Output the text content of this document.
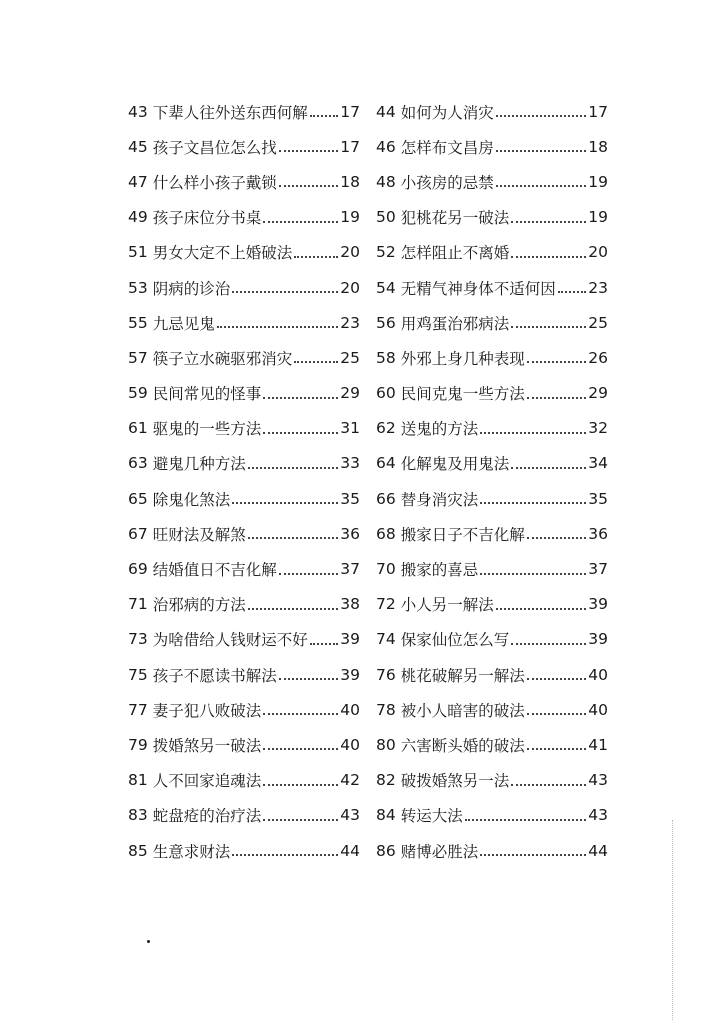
43 下辈人往外送东西何解 17 44 如何为人消灾	17
45 孩子文昌位怎么找	17 46 怎样布文昌房	18
47 什么样小孩子戴锁	18 48 小孩房的忌禁	19
49 孩子床位分书桌	19 50 犯桃花另一破法	19
51 男女大定不上婚破法	20 52 怎样阻止不离婚	20
53 阴病的诊治	20 54 无精气神身体不适何因 23
55 九忌见鬼	23 56 用鸡蛋治邪病法	25
57 筷子立水碗驱邪消灾	25 58 外邪上身几种表现	26
59 民间常见的怪事	29 60 民间克鬼一些方法	29
61 驱鬼的一些方法	31 62 送鬼的方法	32
63 避鬼几种方法	33 64 化解鬼及用鬼法	34
65 除鬼化煞法	35 66 替身消灾法	35
67 旺财法及解煞	36 68 搬家日子不吉化解	36
69 结婚值日不吉化解	37 70 搬家的喜忌	37
71 治邪病的方法	38 72 小人另一解法	39
73 为啥借给人钱财运不好 39 74 保家仙位怎么写	39
75 孩子不愿读书解法	39 76 桃花破解另一解法	40
77 妻子犯八败破法	40 78 被小人暗害的破法	40
79 拨婚煞另一破法	40 80 六害断头婚的破法	41
81 人不回家追魂法	42 82 破拨婚煞另一法	43
83 蛇盘疮的治疗法	43 84 转运大法	43
85 生意求财法	44 86 赌博必胜法	44
